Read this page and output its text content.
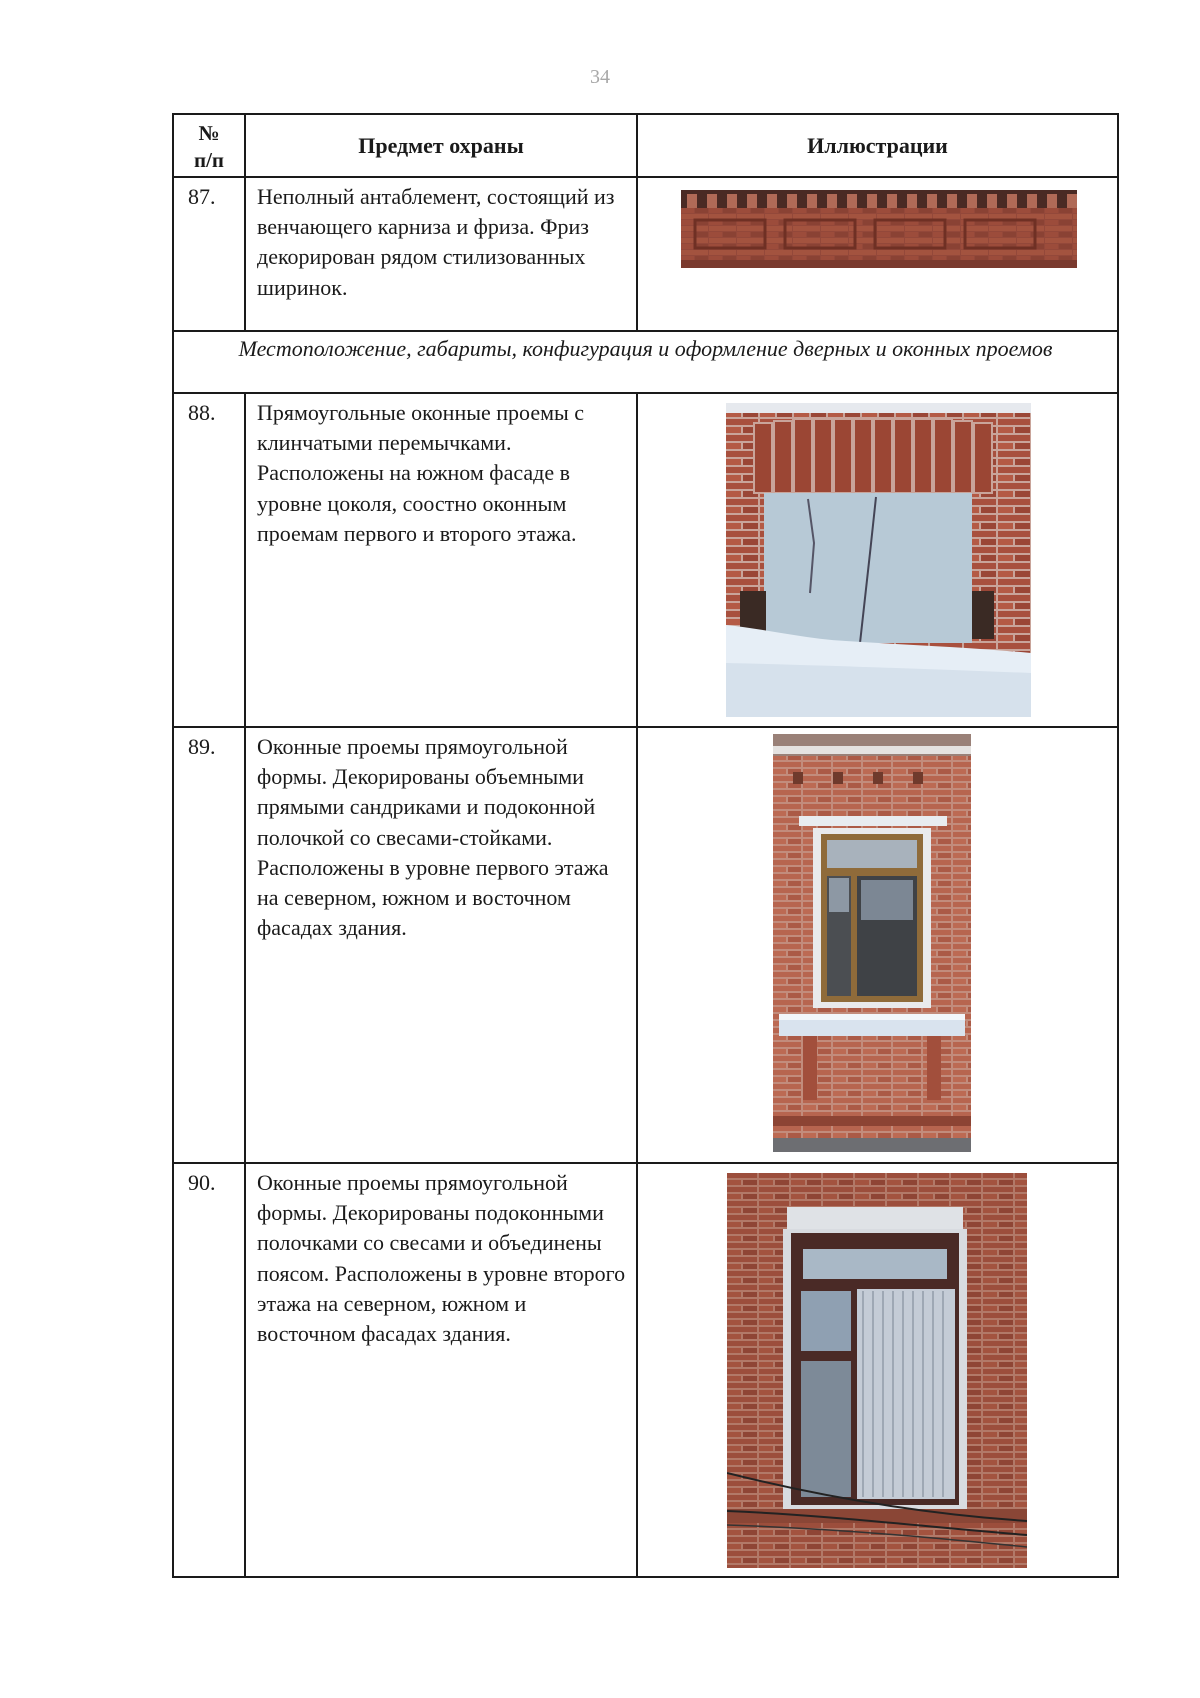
34
№ п/п	Предмет охраны	Иллюстрации
87.	Неполный антаблемент, состоящий из венчающего карниза и фриза. Фриз декорирован рядом стилизованных ширинок.	

Местоположение, габариты, конфигурация и оформление дверных и оконных проемов		
88.	Прямоугольные оконные проемы с клинчатыми перемычками. Расположены на южном фасаде в уровне цоколя, соостно оконным проемам первого и второго этажа.	

89.	Оконные проемы прямоугольной формы. Декорированы объемными прямыми сандриками и подоконной полочкой со свесами-стойками. Расположены в уровне первого этажа на северном, южном и восточном фасадах здания.	

90.	Оконные проемы прямоугольной формы. Декорированы подоконными полочками со свесами и объединены поясом. Расположены в уровне второго этажа на северном, южном и восточном фасадах здания.	
